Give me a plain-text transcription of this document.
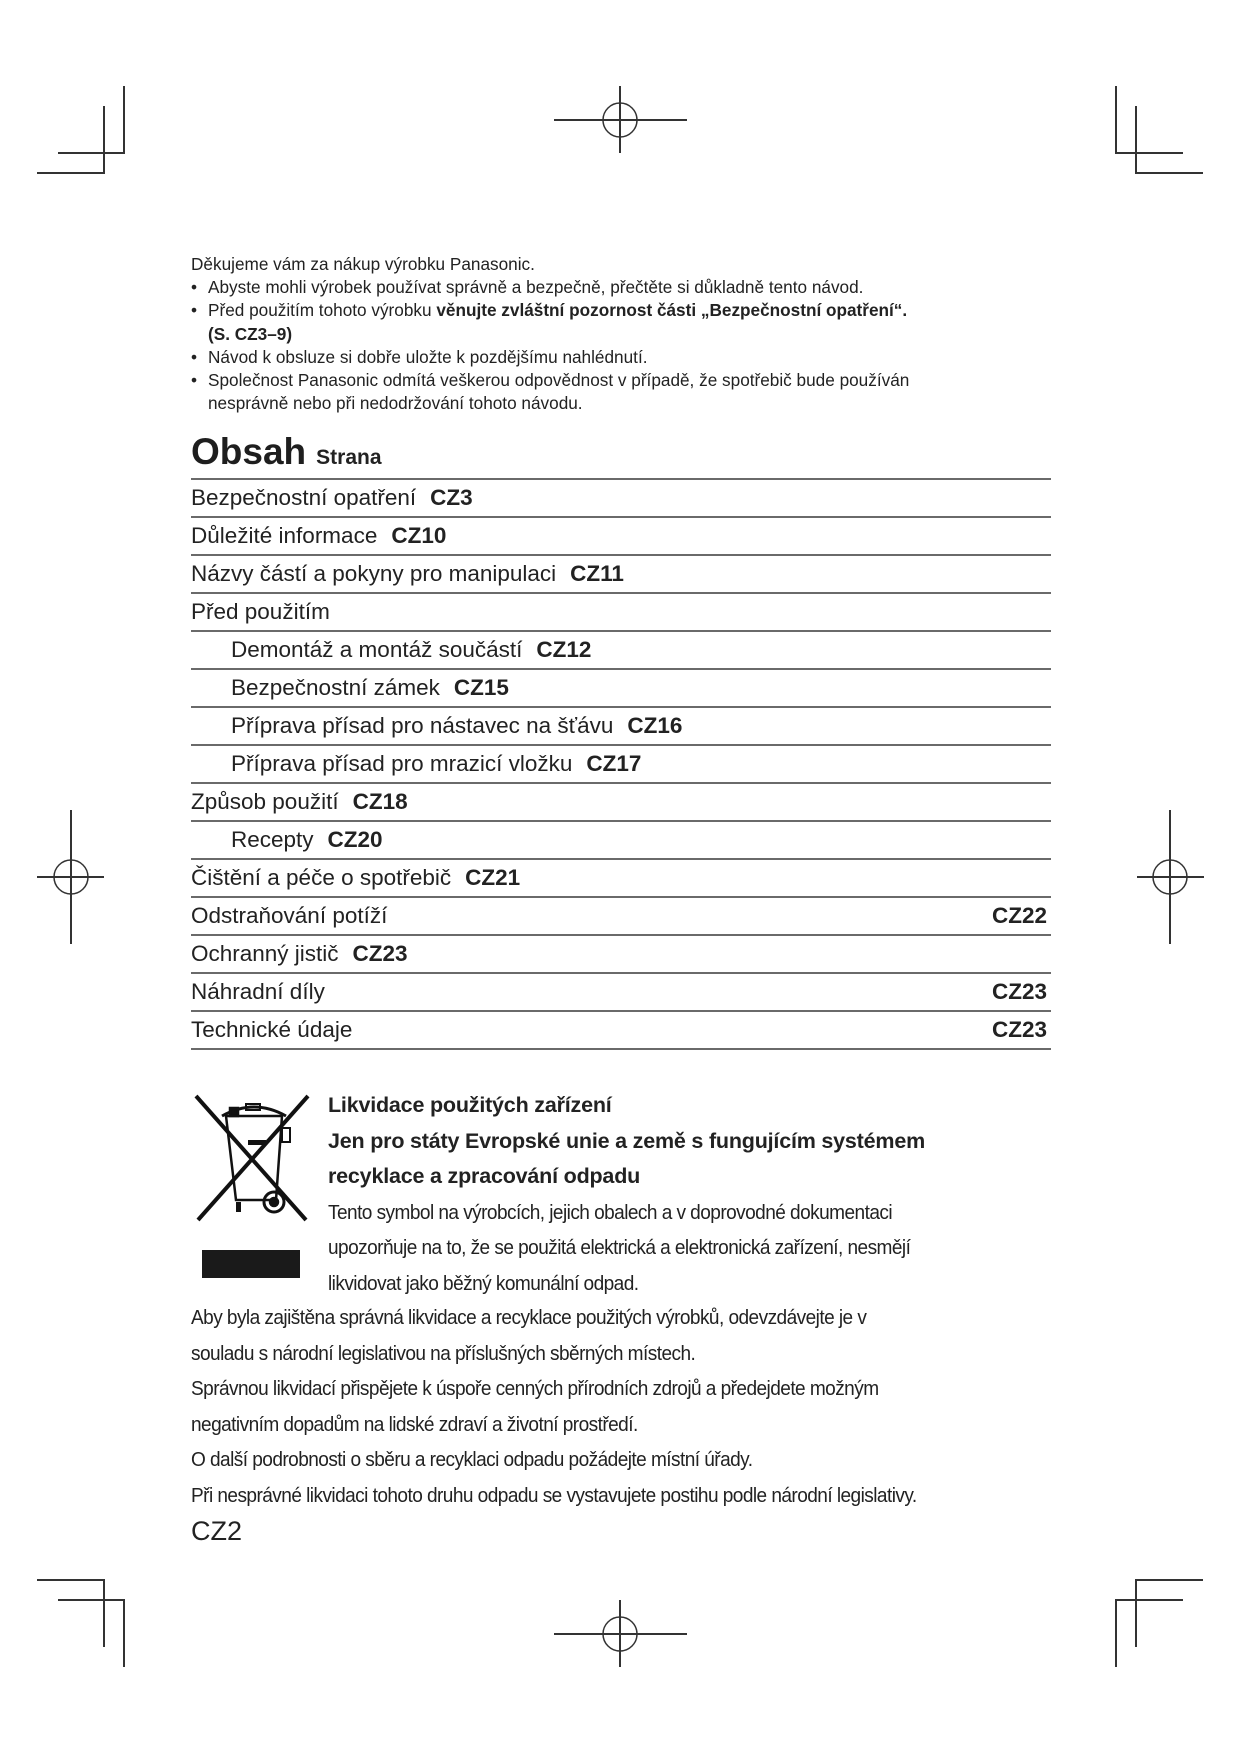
Děkujeme vám za nákup výrobku Panasonic.

• Abyste mohli výrobek používat správně a bezpečně, přečtěte si důkladně tento návod.

• Před použitím tohoto výrobku věnujte zvláštní pozornost části „Bezpečnostní opatření“.

(S. CZ3–9)

• Návod k obsluze si dobře uložte k pozdějšímu nahlédnutí.

• Společnost Panasonic odmítá veškerou odpovědnost v případě, že spotřebič bude používán

nesprávně nebo při nedodržování tohoto návodu.

Obsah Strana
Bezpečnostní opatření CZ3
Důležité informace CZ10
Názvy částí a pokyny pro manipulaci CZ11
Před použitím
Demontáž a montáž součástí CZ12
Bezpečnostní zámek CZ15
Příprava přísad pro nástavec na šťávu CZ16
Příprava přísad pro mrazicí vložku CZ17
Způsob použití CZ18
Recepty CZ20
Čištění a péče o spotřebič CZ21
Odstraňování potíží	CZ22
Ochranný jistič CZ23
Náhradní díly	CZ23
Technické údaje	CZ23

Likvidace použitých zařízení

Jen pro státy Evropské unie a země s fungujícím systémem

recyklace a zpracování odpadu

Tento symbol na výrobcích, jejich obalech a v doprovodné dokumentaci

upozorňuje na to, že se použitá elektrická a elektronická zařízení, nesmějí

likvidovat jako běžný komunální odpad.

Aby byla zajištěna správná likvidace a recyklace použitých výrobků, odevzdávejte je v

souladu s národní legislativou na příslušných sběrných místech.

Správnou likvidací přispějete k úspoře cenných přírodních zdrojů a předejdete možným

negativním dopadům na lidské zdraví a životní prostředí.

O další podrobnosti o sběru a recyklaci odpadu požádejte místní úřady.

Při nesprávné likvidaci tohoto druhu odpadu se vystavujete postihu podle národní legislativy.

CZ2
